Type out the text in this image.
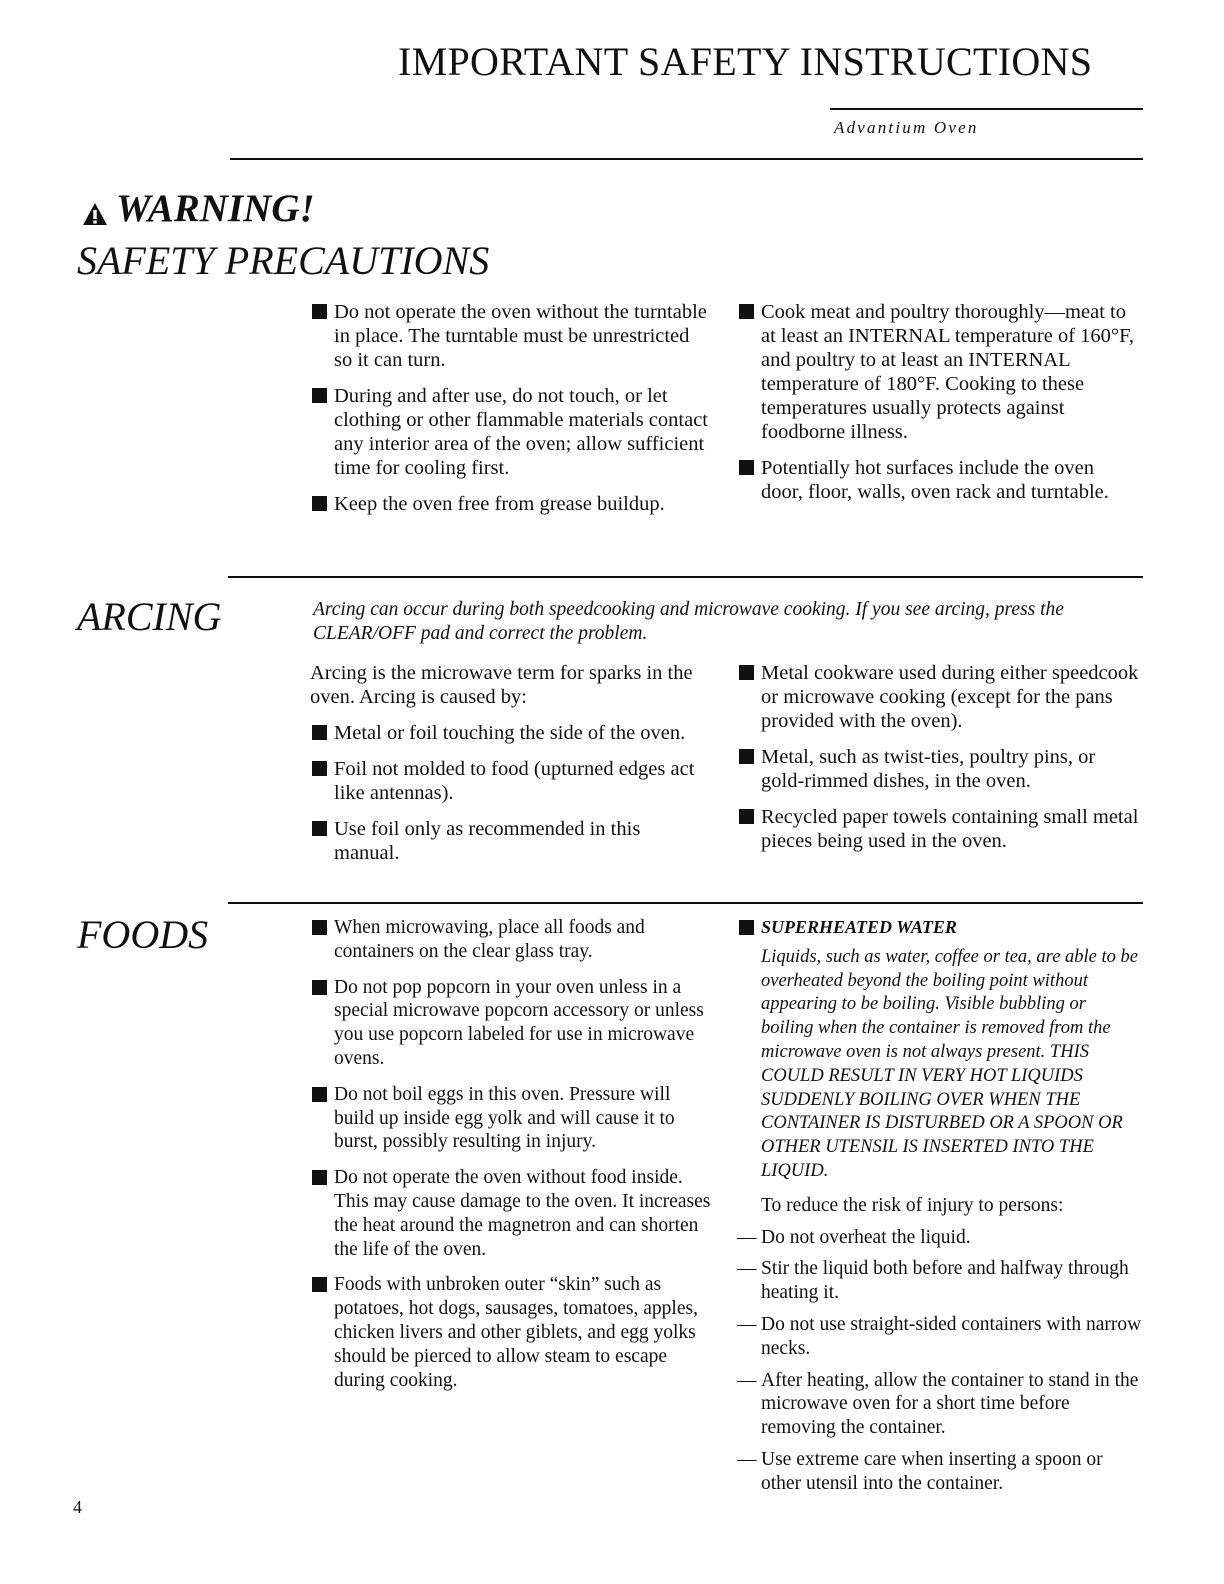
IMPORTANT SAFETY INSTRUCTIONS
Advantium Oven
WARNING!
SAFETY PRECAUTIONS
Do not operate the oven without the turntable in place. The turntable must be unrestricted so it can turn.
During and after use, do not touch, or let clothing or other flammable materials contact any interior area of the oven; allow sufficient time for cooling first.
Keep the oven free from grease buildup.
Cook meat and poultry thoroughly—meat to at least an INTERNAL temperature of 160°F, and poultry to at least an INTERNAL temperature of 180°F. Cooking to these temperatures usually protects against foodborne illness.
Potentially hot surfaces include the oven door, floor, walls, oven rack and turntable.
ARCING	Arcing can occur during both speedcooking and microwave cooking. If you see arcing, press the CLEAR/OFF pad and correct the problem.

Arcing is the microwave term for sparks in the oven. Arcing is caused by:

Metal or foil touching the side of the oven.
Foil not molded to food (upturned edges act like antennas).
Use foil only as recommended in this manual.
Metal cookware used during either speedcook or microwave cooking (except for the pans provided with the oven).
Metal, such as twist-ties, poultry pins, or gold-rimmed dishes, in the oven.
Recycled paper towels containing small metal pieces being used in the oven.
FOODS	When microwaving, place all foods and containers on the clear glass tray.
Do not pop popcorn in your oven unless in a special microwave popcorn accessory or unless you use popcorn labeled for use in microwave ovens.
Do not boil eggs in this oven. Pressure will build up inside egg yolk and will cause it to burst, possibly resulting in injury.
Do not operate the oven without food inside. This may cause damage to the oven. It increases the heat around the magnetron and can shorten the life of the oven.
Foods with unbroken outer “skin” such as potatoes, hot dogs, sausages, tomatoes, apples, chicken livers and other giblets, and egg yolks should be pierced to allow steam to escape during cooking.
SUPERHEATED WATER
Liquids, such as water, coffee or tea, are able to be overheated beyond the boiling point without appearing to be boiling. Visible bubbling or boiling when the container is removed from the microwave oven is not always present. THIS COULD RESULT IN VERY HOT LIQUIDS SUDDENLY BOILING OVER WHEN THE CONTAINER IS DISTURBED OR A SPOON OR OTHER UTENSIL IS INSERTED INTO THE LIQUID.
To reduce the risk of injury to persons:
— Do not overheat the liquid.
— Stir the liquid both before and halfway through heating it.
— Do not use straight-sided containers with narrow necks.
— After heating, allow the container to stand in the microwave oven for a short time before removing the container.
— Use extreme care when inserting a spoon or other utensil into the container.
4
